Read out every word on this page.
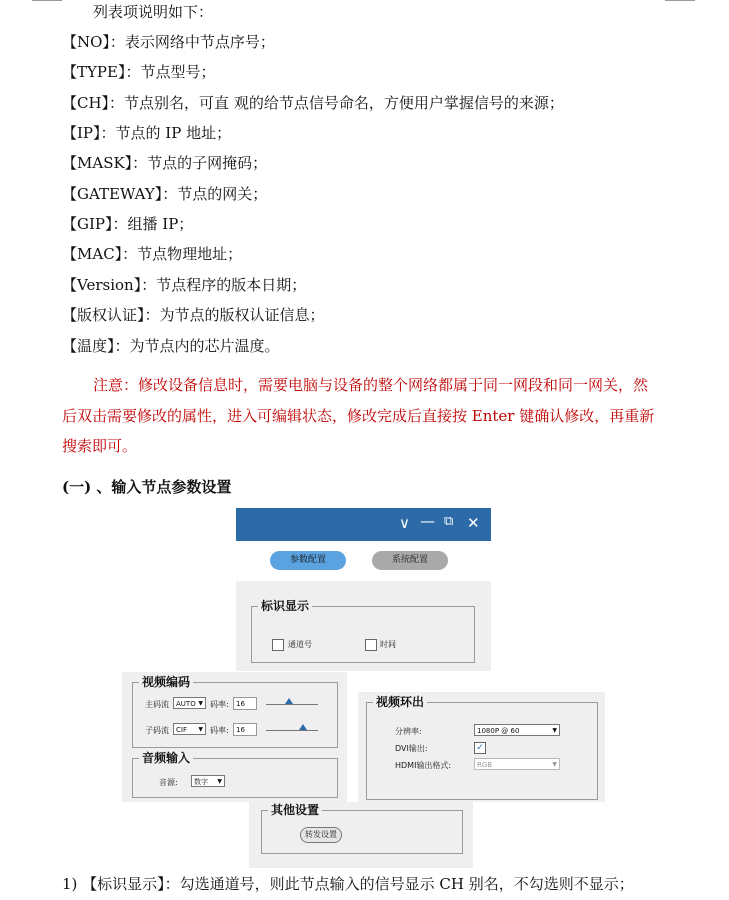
列表项说明如下：
【NO】：表示网络中节点序号；
【TYPE】：节点型号；
【CH】：节点别名，可直 观的给节点信号命名，方便用户掌握信号的来源；
【IP】：节点的 IP 地址；
【MASK】：节点的子网掩码；
【GATEWAY】：节点的网关；
【GIP】：组播 IP；
【MAC】：节点物理地址；
【Version】：节点程序的版本日期；
【版权认证】：为节点的版权认证信息；
【温度】：为节点内的芯片温度。
注意：修改设备信息时，需要电脑与设备的整个网络都属于同一网段和同一网关，然
后双击需要修改的属性，进入可编辑状态，修改完成后直接按 Enter 键确认修改，再重新
搜索即可。
(一) 、输入节点参数设置
∨ — ⧉ ✕
参数配置	系统配置
标识显示
通道号	时间
视频编码
主码流	AUTO ▼ 码率:	16
子码流	CIF ▼ 码率:	16
音频输入
音源:	数字 ▼
视频环出
分辨率:	1080P @ 60	▼
DVI输出:	✓
HDMI输出格式:	RGB	▼
其他设置
转发设置
1) 【标识显示】：勾选通道号，则此节点输入的信号显示 CH 别名，不勾选则不显示；
